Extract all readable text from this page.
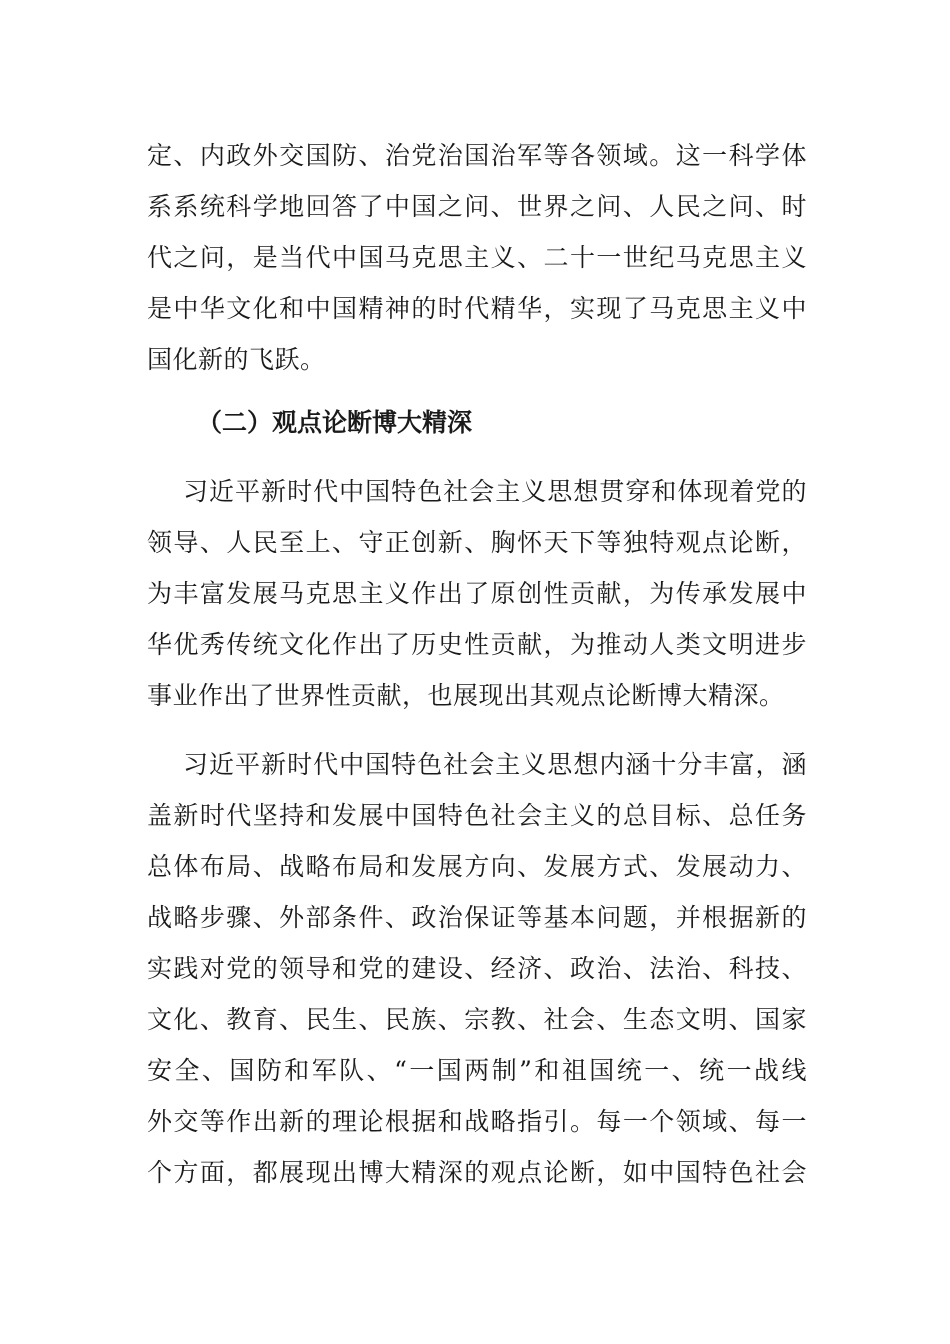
定、内政外交国防、治党治国治军等各领域。这一科学体
系系统科学地回答了中国之问、世界之问、人民之问、时
代之问，是当代中国马克思主义、二十一世纪马克思主义
是中华文化和中国精神的时代精华，实现了马克思主义中
国化新的飞跃。
（二）观点论断博大精深
习近平新时代中国特色社会主义思想贯穿和体现着党的
领导、人民至上、守正创新、胸怀天下等独特观点论断，
为丰富发展马克思主义作出了原创性贡献，为传承发展中
华优秀传统文化作出了历史性贡献，为推动人类文明进步
事业作出了世界性贡献，也展现出其观点论断博大精深。
习近平新时代中国特色社会主义思想内涵十分丰富，涵
盖新时代坚持和发展中国特色社会主义的总目标、总任务
总体布局、战略布局和发展方向、发展方式、发展动力、
战略步骤、外部条件、政治保证等基本问题，并根据新的
实践对党的领导和党的建设、经济、政治、法治、科技、
文化、教育、民生、民族、宗教、社会、生态文明、国家
安全、国防和军队、“一国两制”和祖国统一、统一战线
外交等作出新的理论根据和战略指引。每一个领域、每一
个方面，都展现出博大精深的观点论断，如中国特色社会
